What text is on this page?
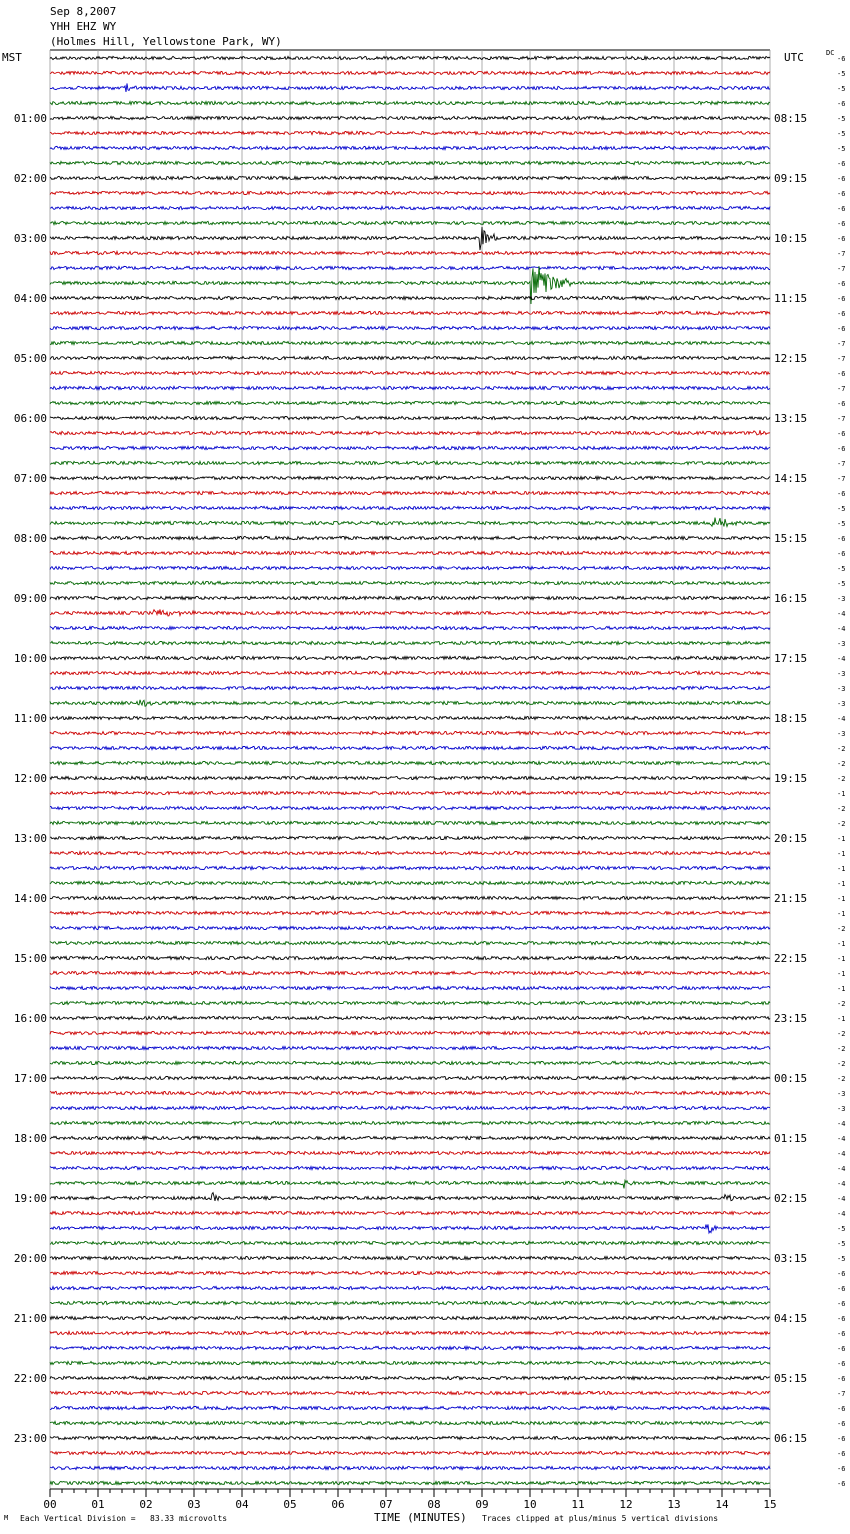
Sep 8,2007
YHH EHZ WY
(Holmes Hill, Yellowstone Park, WY)
MST	UTC	DC
-6
-5
-5
-6
-5
-5
-5
-6
-6
-6
-6
-6
-6
-7
-7
-6
-6
-6
-6
-7
-7
-6
-7
-6
-7
-6
-6
-7
-7
-6
-5
-5
-6
-6
-5
-5
-3
-4
-4
-3
-4
-3
-3
-3
-4
-3
-2
-2
-2
-1
-2
-2
-1
-1
-1
-1
-1
-1
-2
-1
-1
-1
-1
-2
-1
-2
-2
-2
-2
-3
-3
-4
-4
-4
-4
-4
-4
-4
-5
-5
-5
-6
-6
-6
-6
-6
-6
-6
-6
-7
-6
-6
-6
-6
-6
-6
01:00
02:00
03:00
04:00
05:00
06:00
07:00
08:00
09:00
10:00
11:00
12:00
13:00
14:00
15:00
16:00
17:00
18:00
19:00
20:00
21:00
22:00
23:00
08:15
09:15
10:15
11:15
12:15
13:15
14:15
15:15
16:15
17:15
18:15
19:15
20:15
21:15
22:15
23:15
00:15
01:15
02:15
03:15
04:15
05:15
06:15
00	01	02	03	04	05	06	07	08	09	10	11	12	13	14	15
M Each Vertical Division =   83.33 microvolts	TIME (MINUTES) Traces clipped at plus/minus 5 vertical divisions
